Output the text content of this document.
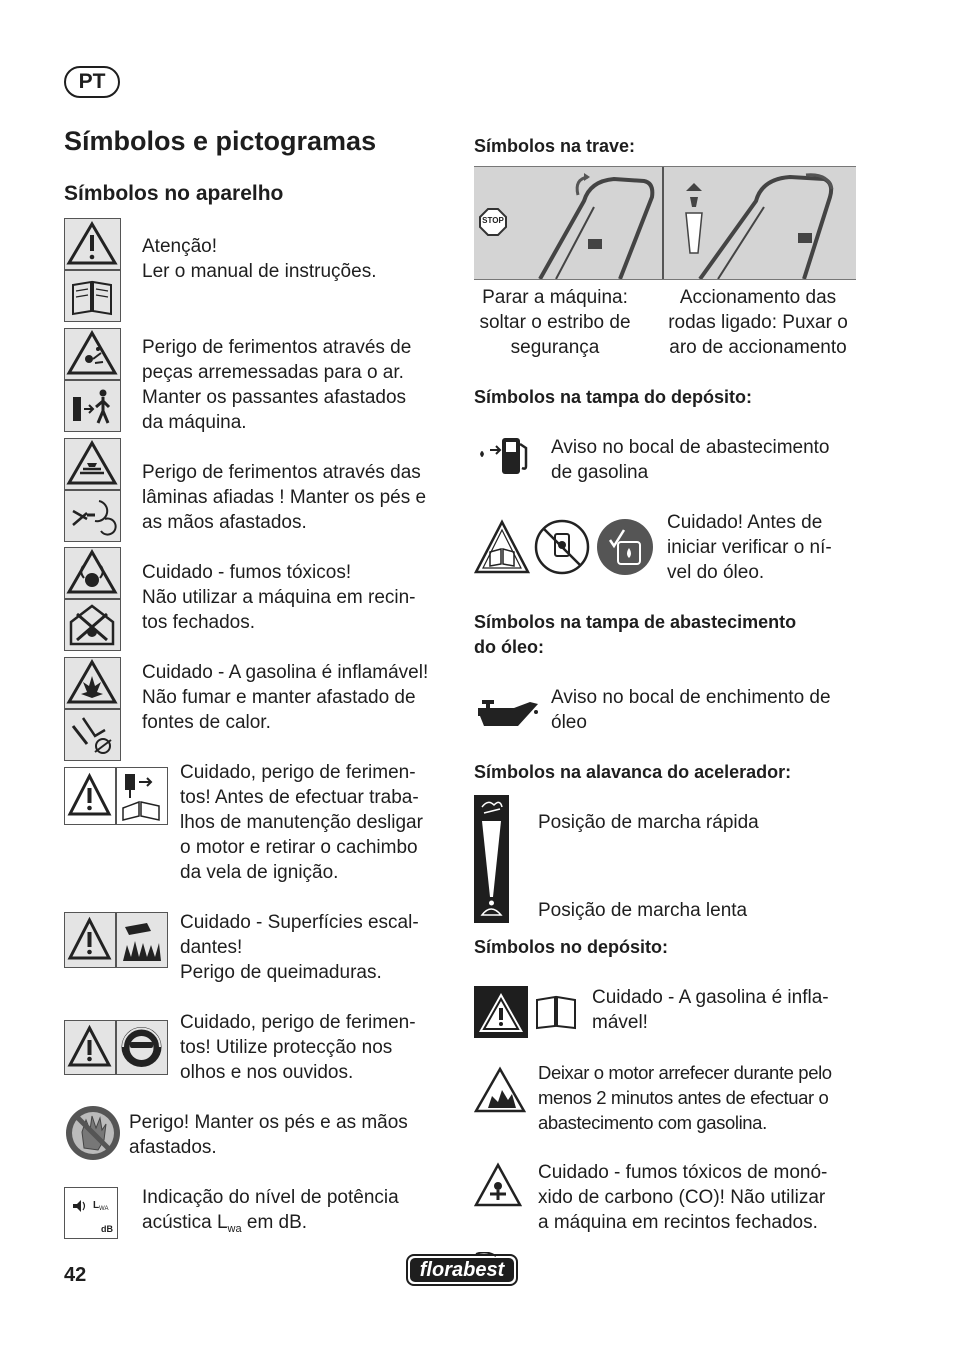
PT
Símbolos e pictogramas
Símbolos no aparelho
Atenção!
Ler o manual de instruções.
Perigo de ferimentos através de
peças arremessadas para o ar.
Manter os passantes afastados
da máquina.
Perigo de ferimentos através das
lâminas afiadas ! Manter os pés e
as mãos afastados.
Cuidado - fumos tóxicos!
Não utilizar a máquina em recin-
tos fechados.
Cuidado - A gasolina é inflamável!
Não fumar e manter afastado de
fontes de calor.
Cuidado, perigo de ferimen-
tos! Antes de efectuar traba-
lhos de manutenção desligar
o motor e retirar o cachimbo
da vela de ignição.
Cuidado - Superfícies escal-
dantes!
Perigo de queimaduras.
Cuidado, perigo de ferimen-
tos! Utilize protecção nos
olhos e nos ouvidos.
Perigo! Manter os pés e as mãos
afastados.
L WA
dB
Indicação do nível de potência
acústica $L_{wa}$ em dB.
Símbolos na trave:
STOP
Parar a máquina:
soltar o estribo de
segurança
Accionamento das
rodas ligado: Puxar o
aro de accionamento
Símbolos na tampa do depósito:
Aviso no bocal de abastecimento
de gasolina
Cuidado! Antes de
iniciar verificar o ní-
vel do óleo.
Símbolos na tampa de abastecimento
do óleo:
Aviso no bocal de enchimento de
óleo
Símbolos na alavanca do acelerador:
Posição de marcha rápida
Posição de marcha lenta
Símbolos no depósito:
Cuidado - A gasolina é infla-
mável!
Deixar o motor arrefecer durante pelo
menos 2 minutos antes de efectuar o
abastecimento com gasolina.
Cuidado - fumos tóxicos de monó-
xido de carbono (CO)! Não utilizar
a máquina em recintos fechados.
42	florabest
